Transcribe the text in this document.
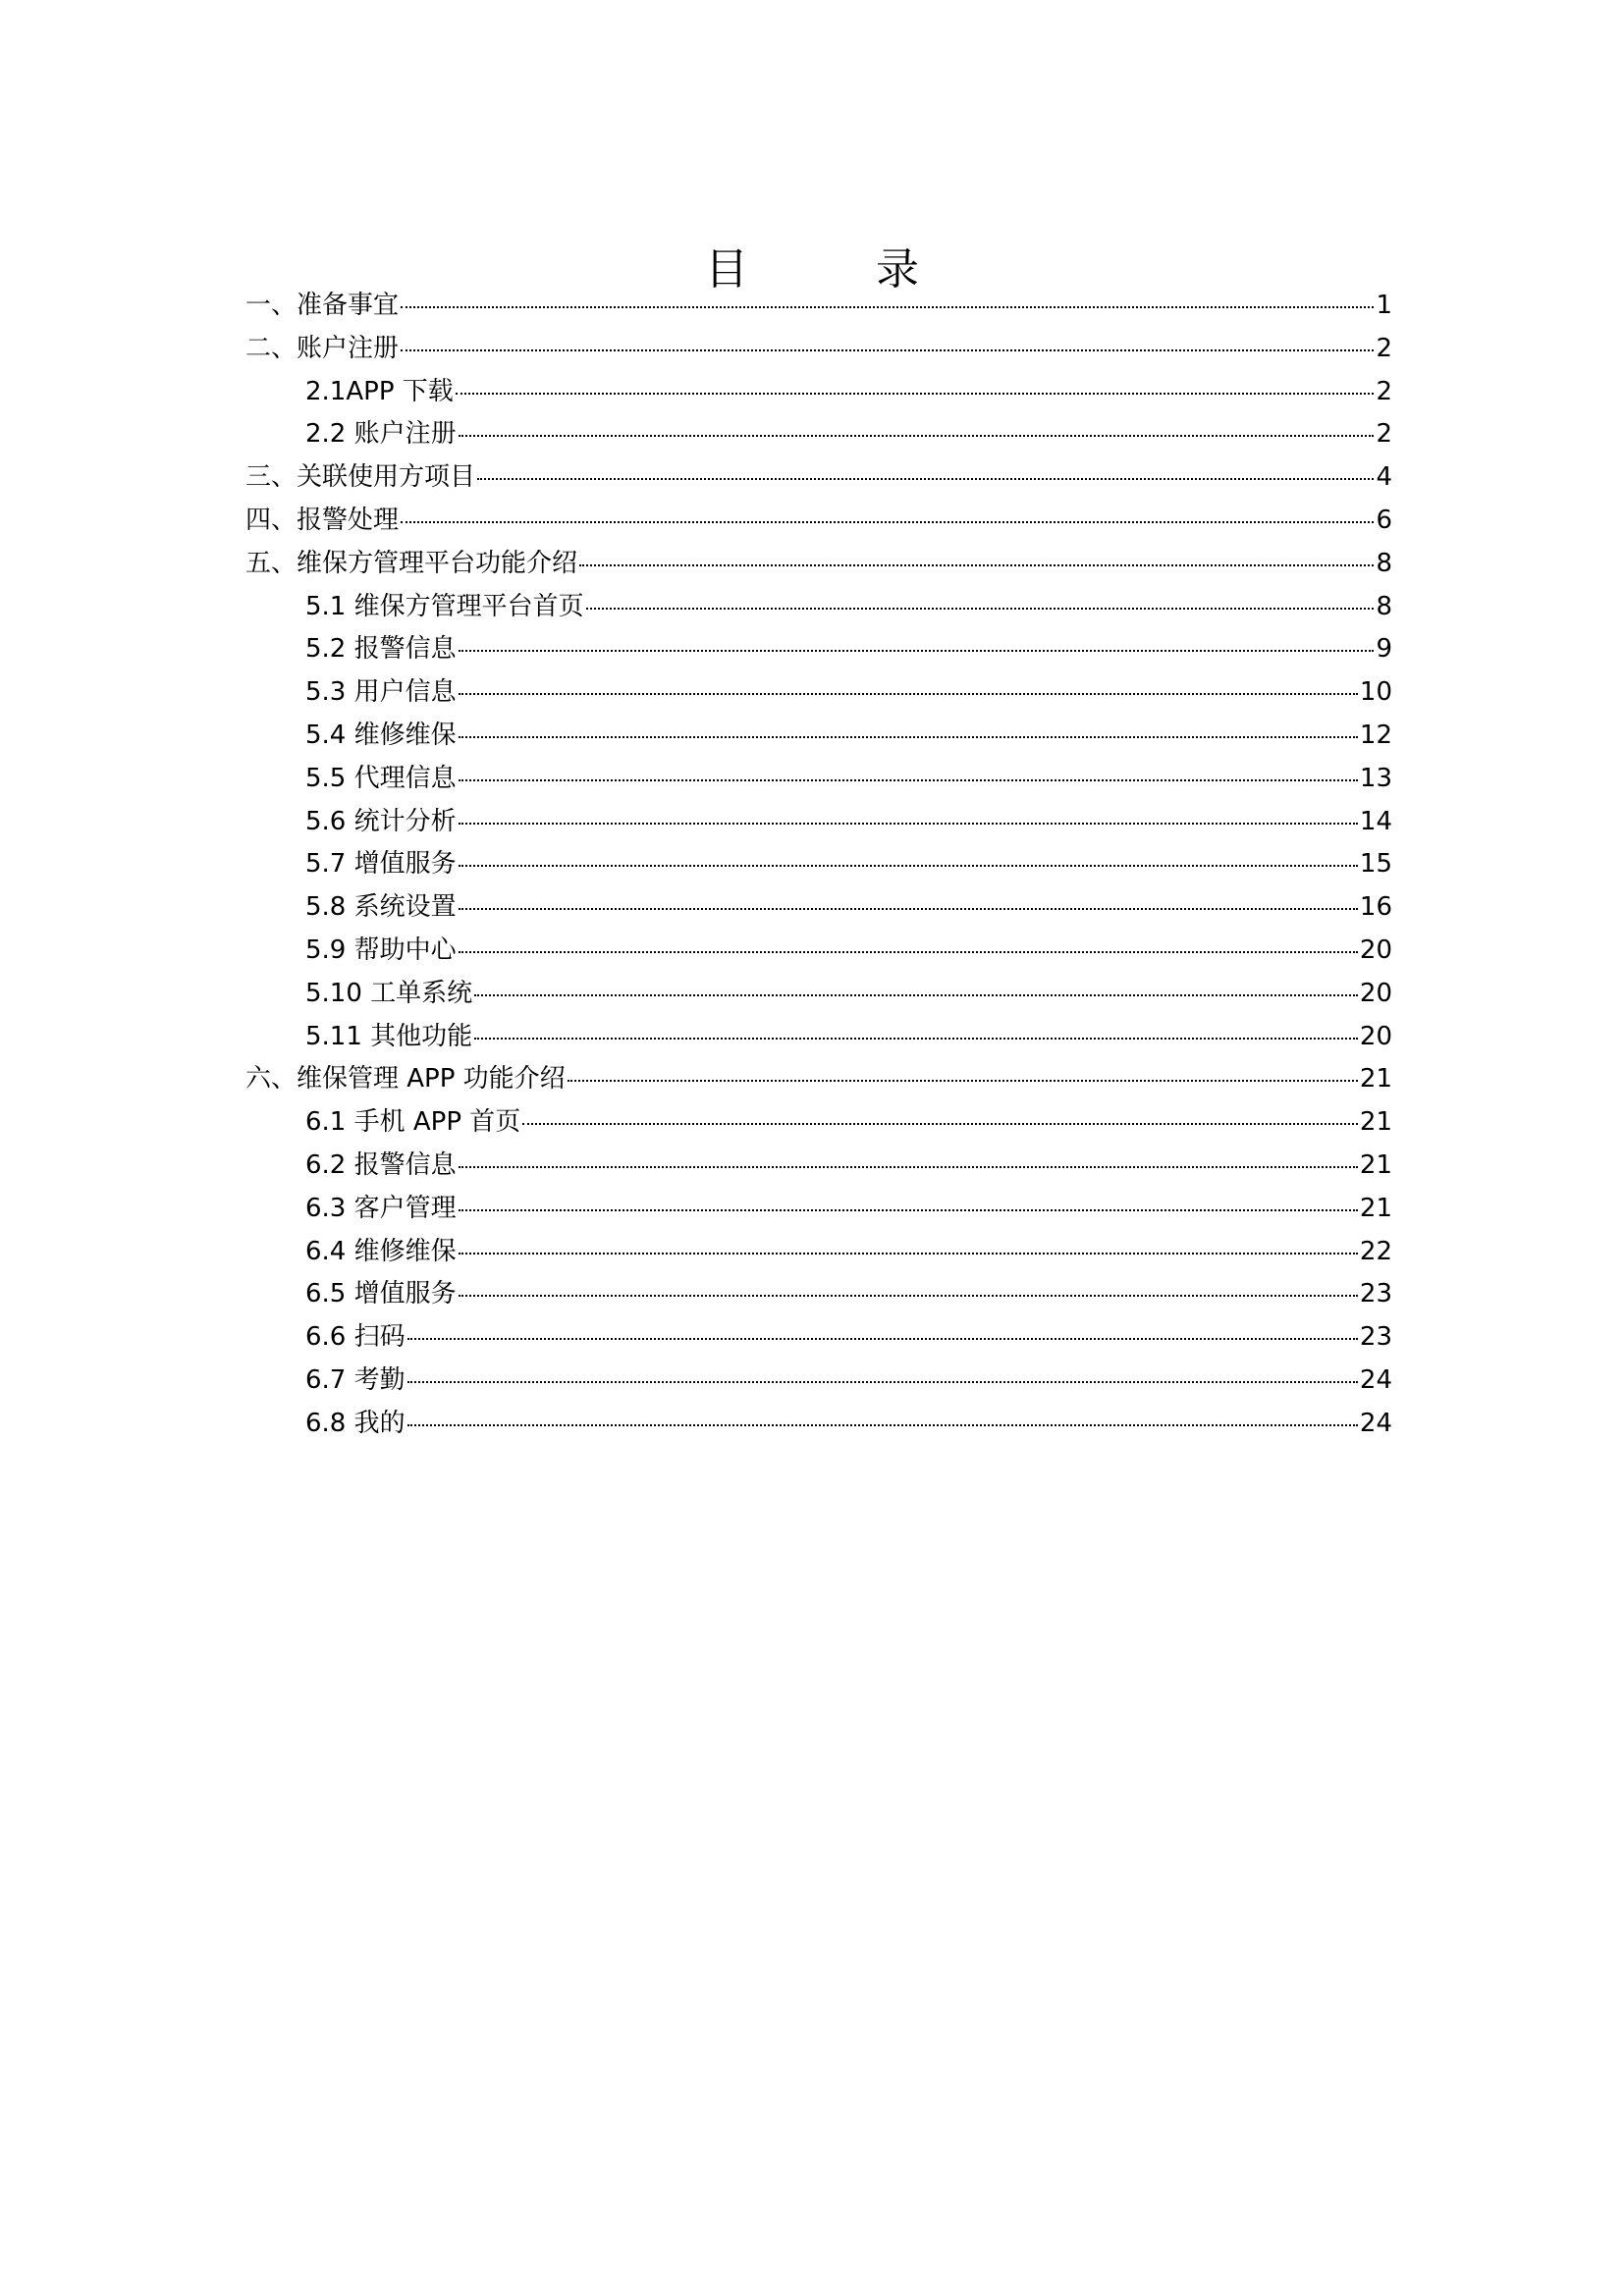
目 录
一、准备事宜	1
二、账户注册	2
2.1APP 下载	2
2.2 账户注册	2
三、关联使用方项目	4
四、报警处理	6
五、维保方管理平台功能介绍	8
5.1 维保方管理平台首页	8
5.2 报警信息	9
5.3 用户信息	10
5.4 维修维保	12
5.5 代理信息	13
5.6 统计分析	14
5.7 增值服务	15
5.8 系统设置	16
5.9 帮助中心	20
5.10 工单系统	20
5.11 其他功能	20
六、维保管理 APP 功能介绍	21
6.1 手机 APP 首页	21
6.2 报警信息	21
6.3 客户管理	21
6.4 维修维保	22
6.5 增值服务	23
6.6 扫码	23
6.7 考勤	24
6.8 我的	24
